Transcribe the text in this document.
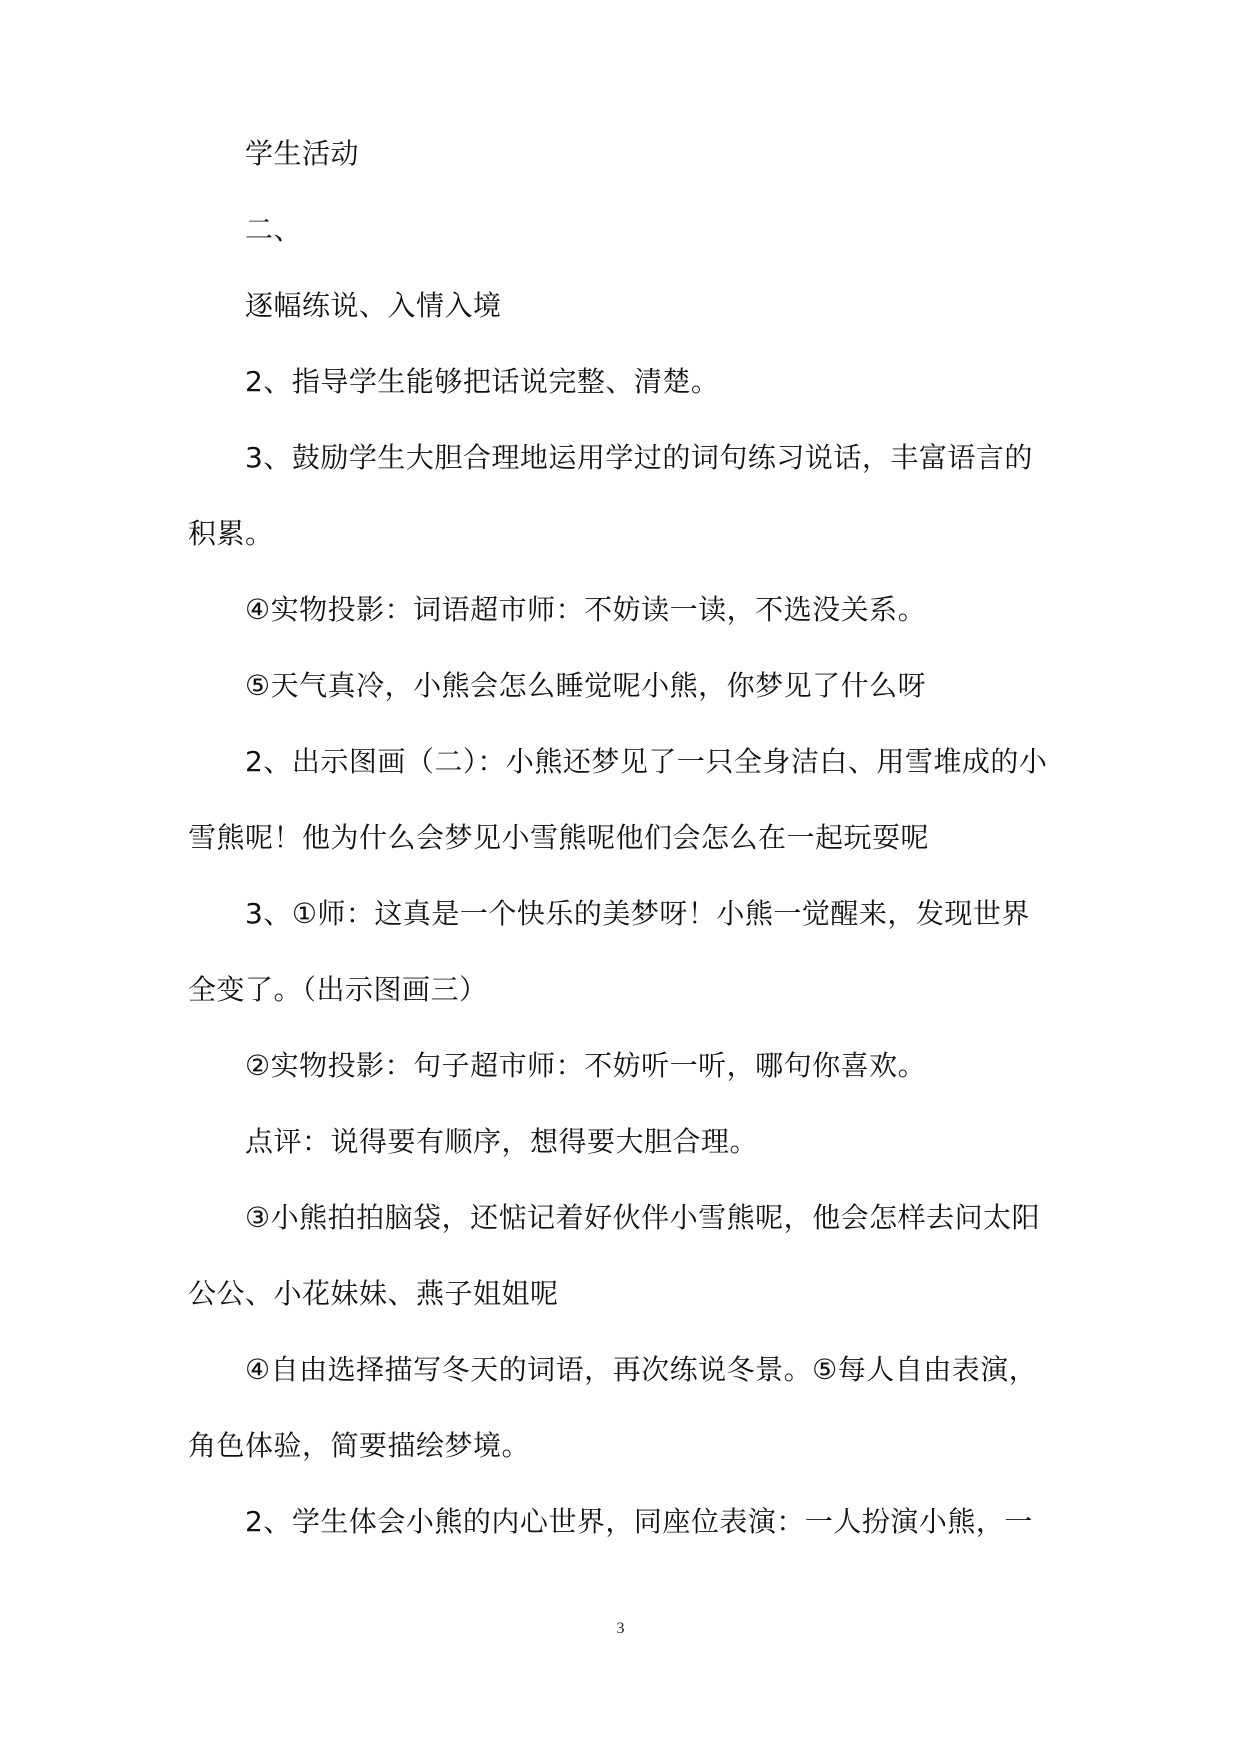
学生活动
二、
逐幅练说、入情入境
2、指导学生能够把话说完整、清楚。
3、鼓励学生大胆合理地运用学过的词句练习说话，丰富语言的
积累。
④实物投影：词语超市师：不妨读一读，不选没关系。
⑤天气真冷，小熊会怎么睡觉呢小熊，你梦见了什么呀
2、出示图画（二）：小熊还梦见了一只全身洁白、用雪堆成的小
雪熊呢！他为什么会梦见小雪熊呢他们会怎么在一起玩耍呢
3、①师：这真是一个快乐的美梦呀！小熊一觉醒来，发现世界
全变了。（出示图画三）
②实物投影：句子超市师：不妨听一听，哪句你喜欢。
点评：说得要有顺序，想得要大胆合理。
③小熊拍拍脑袋，还惦记着好伙伴小雪熊呢，他会怎样去问太阳
公公、小花妹妹、燕子姐姐呢
④自由选择描写冬天的词语，再次练说冬景。⑤每人自由表演，
角色体验，简要描绘梦境。
2、学生体会小熊的内心世界，同座位表演：一人扮演小熊，一
3
